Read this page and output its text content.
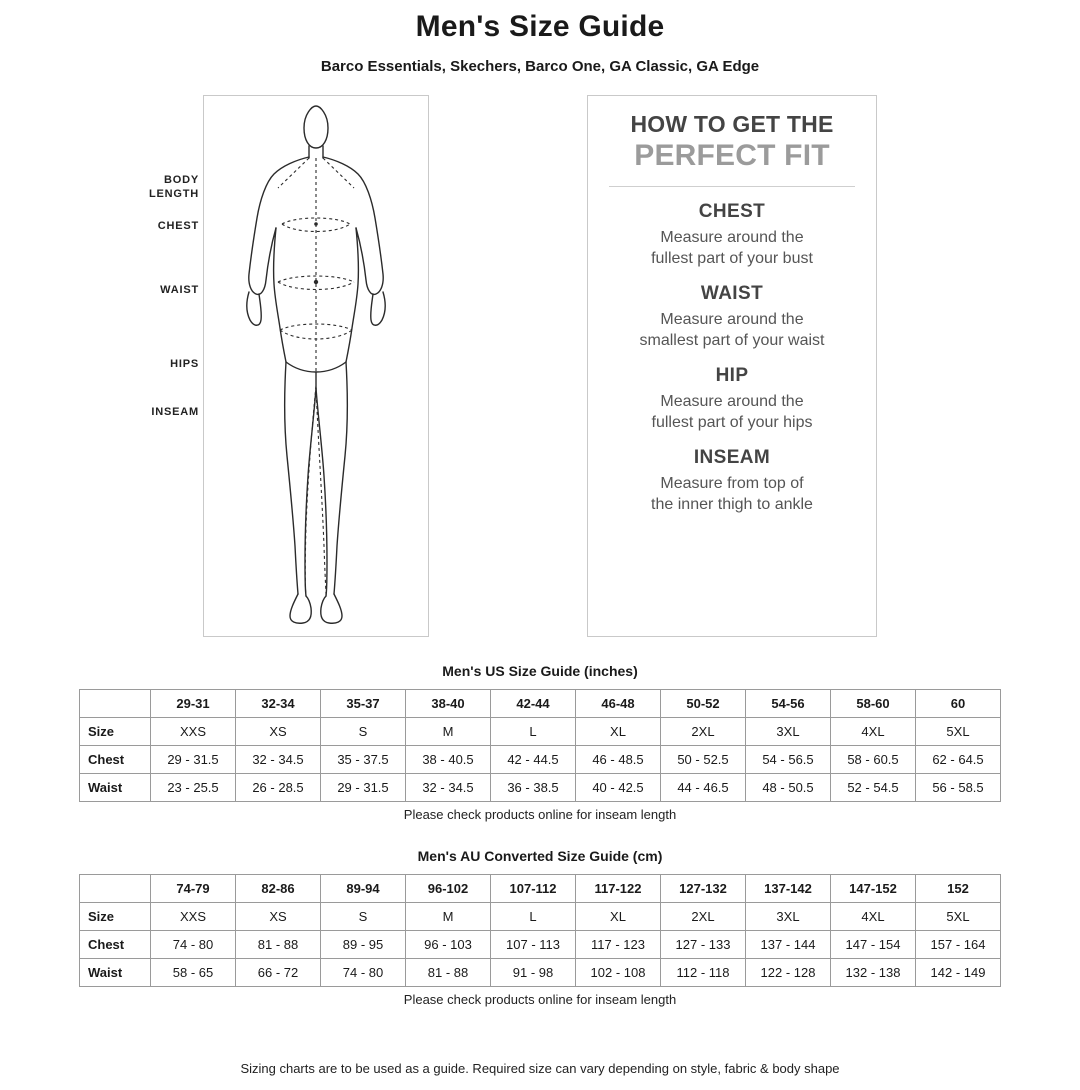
Men's Size Guide
Barco Essentials, Skechers, Barco One, GA Classic, GA Edge
BODY

LENGTH
CHEST
WAIST
HIPS
INSEAM
HOW TO GET THE
PERFECT FIT
CHEST

Measure around the
fullest part of your bust

WAIST

Measure around the
smallest part of your waist

HIP

Measure around the
fullest part of your hips

INSEAM

Measure from top of
the inner thigh to ankle

Men's US Size Guide (inches)
	29-31	32-34	35-37	38-40	42-44	46-48	50-52	54-56	58-60	60
Size	XXS	XS	S	M	L	XL	2XL	3XL	4XL	5XL
Chest	29 - 31.5	32 - 34.5	35 - 37.5	38 - 40.5	42 - 44.5	46 - 48.5	50 - 52.5	54 - 56.5	58 - 60.5	62 - 64.5
Waist	23 - 25.5	26 - 28.5	29 - 31.5	32 - 34.5	36 - 38.5	40 - 42.5	44 - 46.5	48 - 50.5	52 - 54.5	56 - 58.5
Please check products online for inseam length
Men's AU Converted Size Guide (cm)
	74-79	82-86	89-94	96-102	107-112	117-122	127-132	137-142	147-152	152
Size	XXS	XS	S	M	L	XL	2XL	3XL	4XL	5XL
Chest	74 - 80	81 - 88	89 - 95	96 - 103	107 - 113	117 - 123	127 - 133	137 - 144	147 - 154	157 - 164
Waist	58 - 65	66 - 72	74 - 80	81 - 88	91 - 98	102 - 108	112 - 118	122 - 128	132 - 138	142 - 149
Please check products online for inseam length
Sizing charts are to be used as a guide. Required size can vary depending on style, fabric & body shape
